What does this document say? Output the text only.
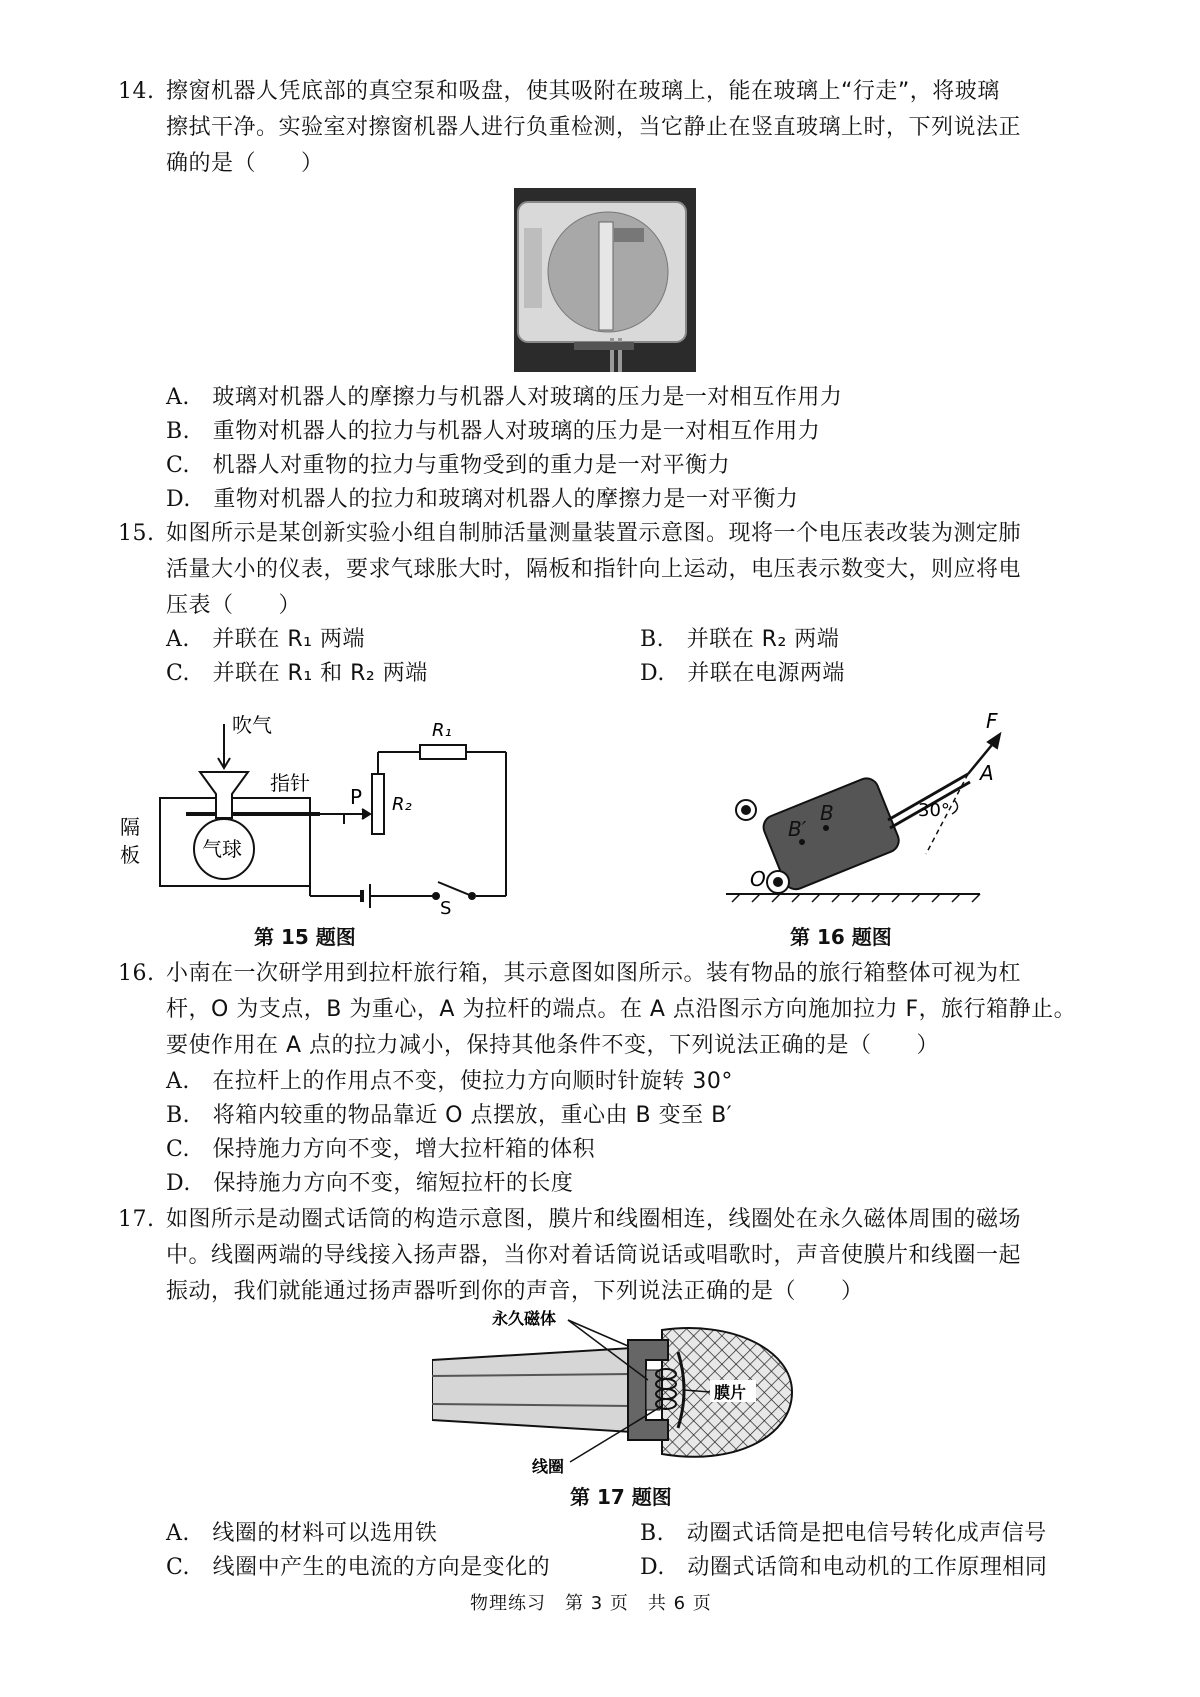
14. 擦窗机器人凭底部的真空泵和吸盘，使其吸附在玻璃上，能在玻璃上“行走”，将玻璃
擦拭干净。实验室对擦窗机器人进行负重检测，当它静止在竖直玻璃上时，下列说法正
确的是（　　）
A.　 玻璃对机器人的摩擦力与机器人对玻璃的压力是一对相互作用力
B.　 重物对机器人的拉力与机器人对玻璃的压力是一对相互作用力
C.　 机器人对重物的拉力与重物受到的重力是一对平衡力
D.　 重物对机器人的拉力和玻璃对机器人的摩擦力是一对平衡力
15. 如图所示是某创新实验小组自制肺活量测量装置示意图。现将一个电压表改装为测定肺
活量大小的仪表，要求气球胀大时，隔板和指针向上运动，电压表示数变大，则应将电
压表（　　）
A.　 并联在 R₁ 两端	B.　 并联在 R₂ 两端
C.　 并联在 R₁ 和 R₂ 两端	D.　 并联在电源两端
吹气
指针
隔
板	气球
P
R₁
R₂
S
第 15 题图
F
A
B
B′
O
30°
第 16 题图
16. 小南在一次研学用到拉杆旅行箱，其示意图如图所示。装有物品的旅行箱整体可视为杠
杆，O 为支点，B 为重心，A 为拉杆的端点。在 A 点沿图示方向施加拉力 F，旅行箱静止。
要使作用在 A 点的拉力减小，保持其他条件不变，下列说法正确的是（　　）
A.　 在拉杆上的作用点不变，使拉力方向顺时针旋转 30°
B.　 将箱内较重的物品靠近 O 点摆放，重心由 B 变至 B′
C.　 保持施力方向不变，增大拉杆箱的体积
D.　 保持施力方向不变，缩短拉杆的长度
17. 如图所示是动圈式话筒的构造示意图，膜片和线圈相连，线圈处在永久磁体周围的磁场
中。线圈两端的导线接入扬声器，当你对着话筒说话或唱歌时，声音使膜片和线圈一起
振动，我们就能通过扬声器听到你的声音，下列说法正确的是（　　）
永久磁体
膜片
线圈
第 17 题图
A.　 线圈的材料可以选用铁	B.　 动圈式话筒是把电信号转化成声信号
C.　 线圈中产生的电流的方向是变化的	D.　 动圈式话筒和电动机的工作原理相同
物理练习　第 3 页　共 6 页
